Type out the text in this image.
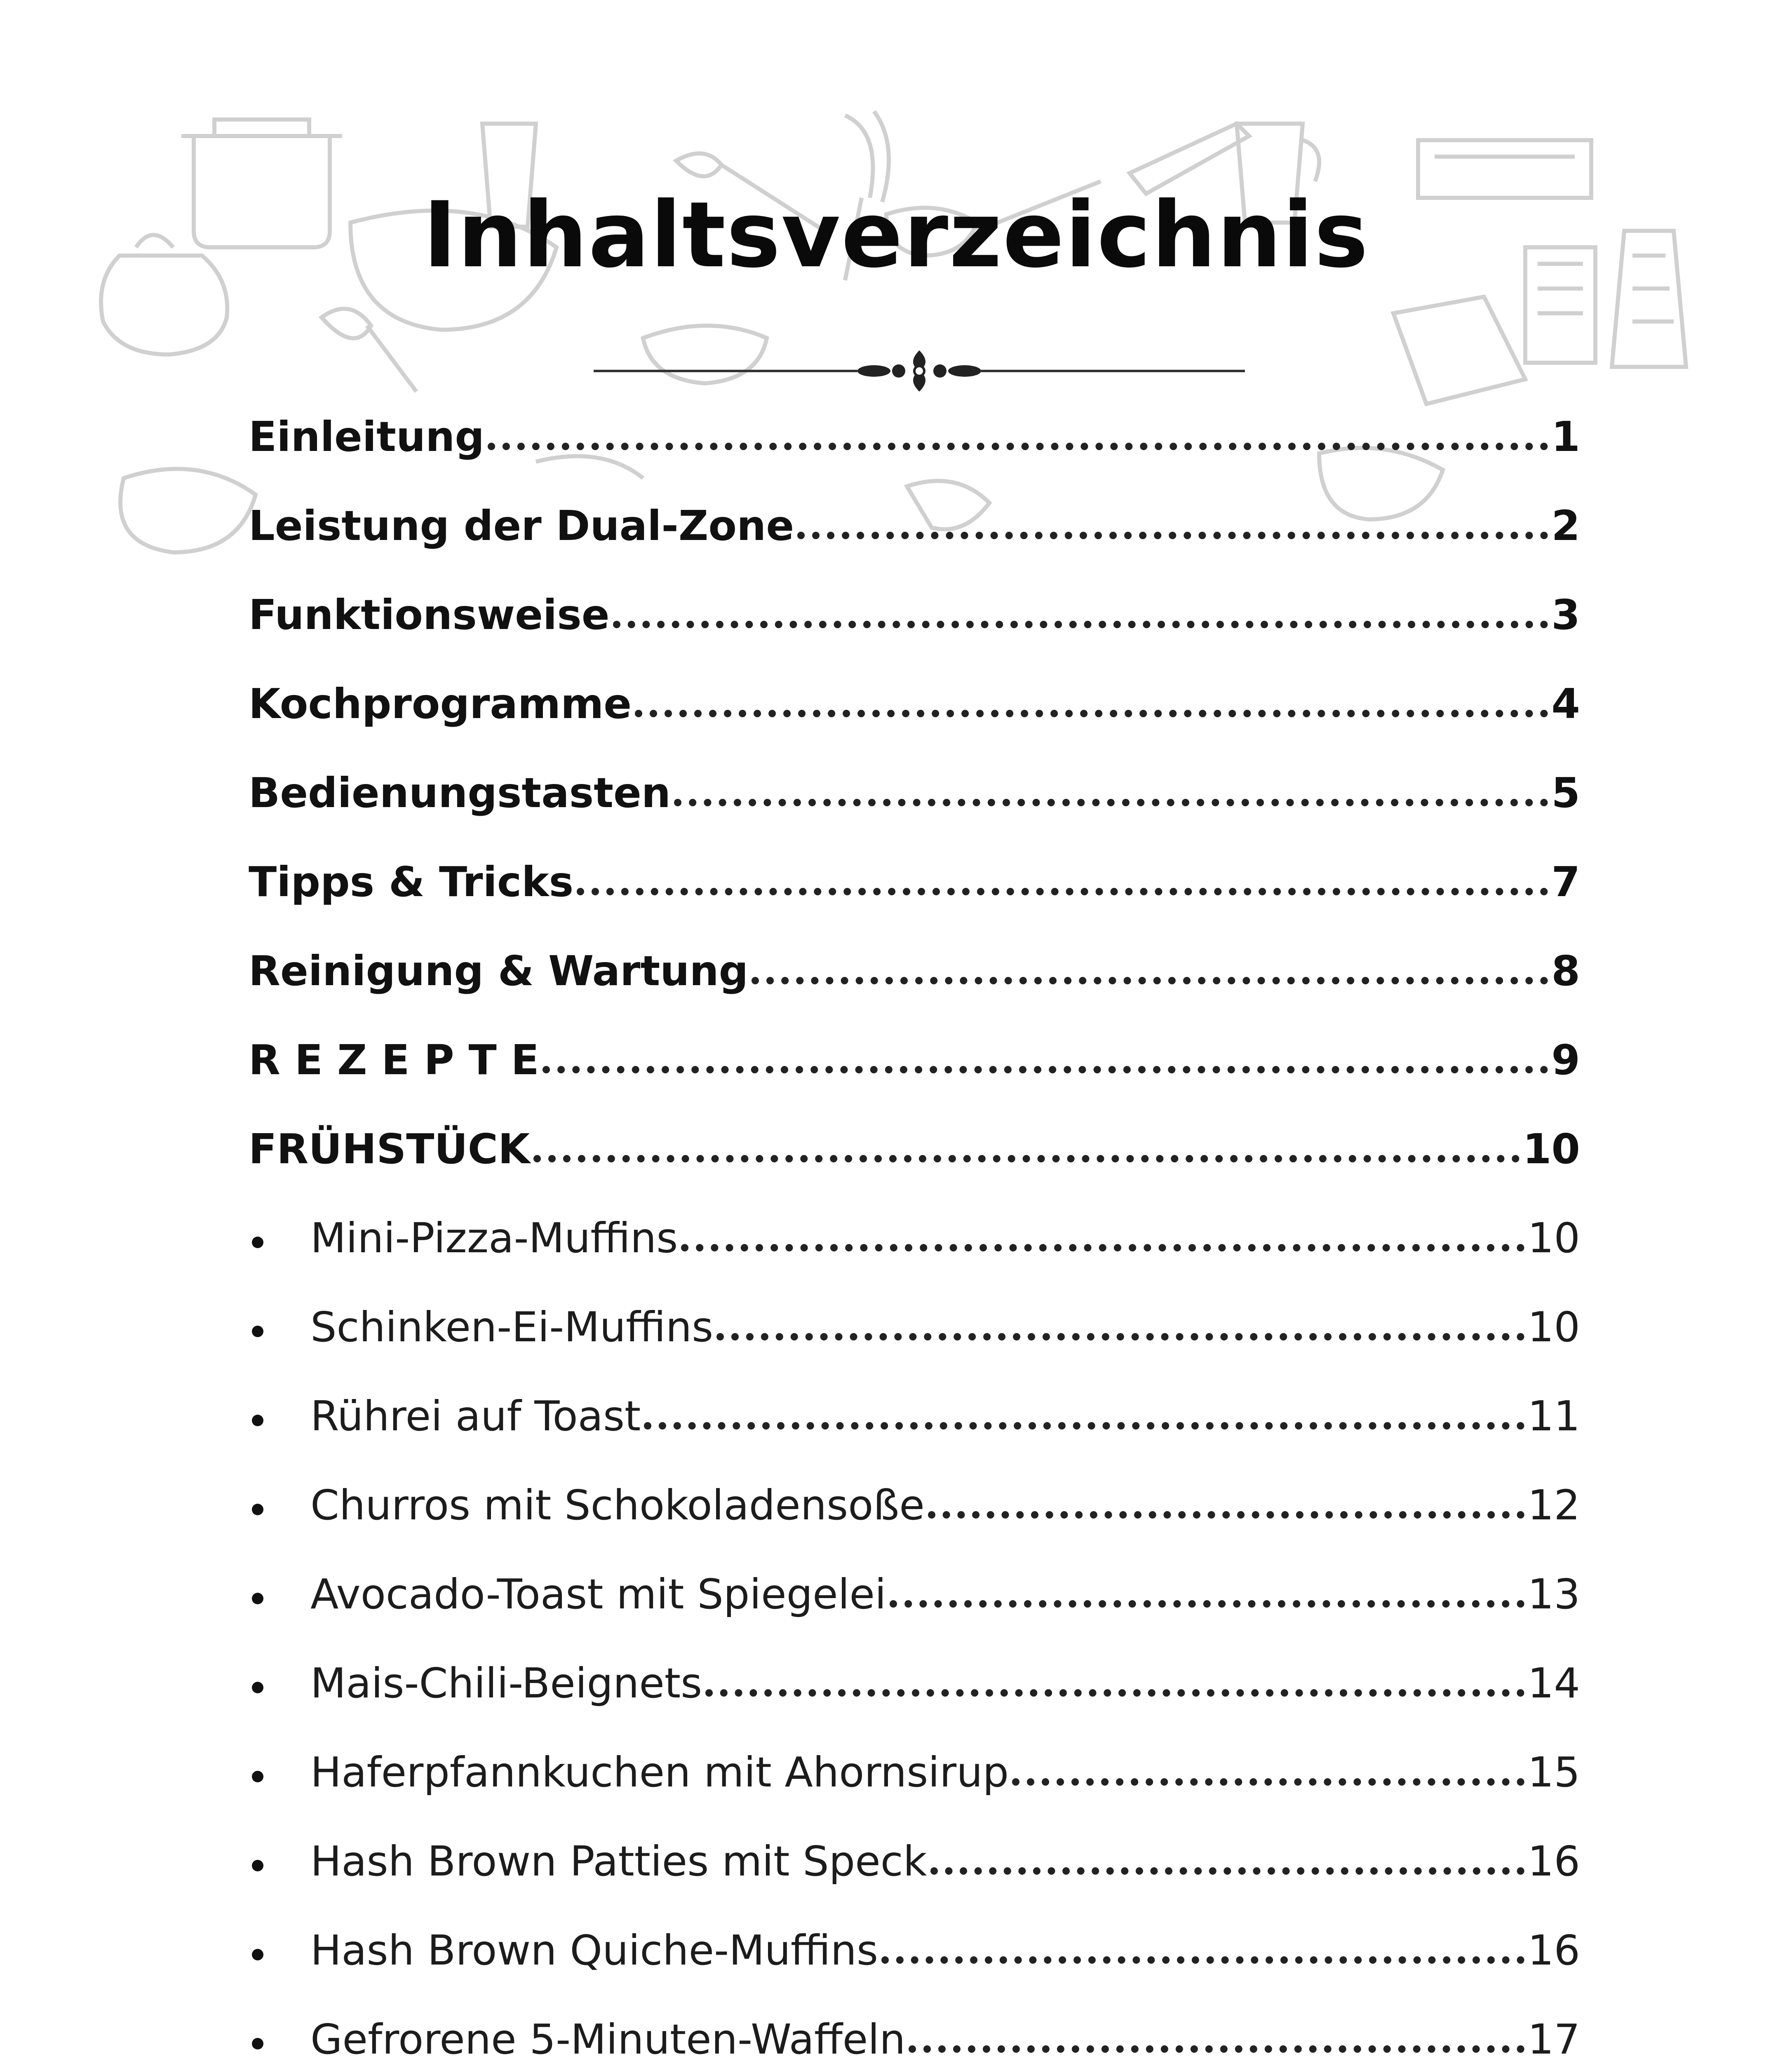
Inhaltsverzeichnis
Einleitung	1
Leistung der Dual-Zone	2
Funktionsweise	3
Kochprogramme	4
Bedienungstasten	5
Tipps & Tricks	7
Reinigung & Wartung	8
R E Z E P T E	9
FRÜHSTÜCK	10
Mini-Pizza-Muffins	10
Schinken-Ei-Muffins	10
Rührei auf Toast	11
Churros mit Schokoladensoße	12
Avocado-Toast mit Spiegelei	13
Mais-Chili-Beignets	14
Haferpfannkuchen mit Ahornsirup	15
Hash Brown Patties mit Speck	16
Hash Brown Quiche-Muffins	16
Gefrorene 5-Minuten-Waffeln	17
